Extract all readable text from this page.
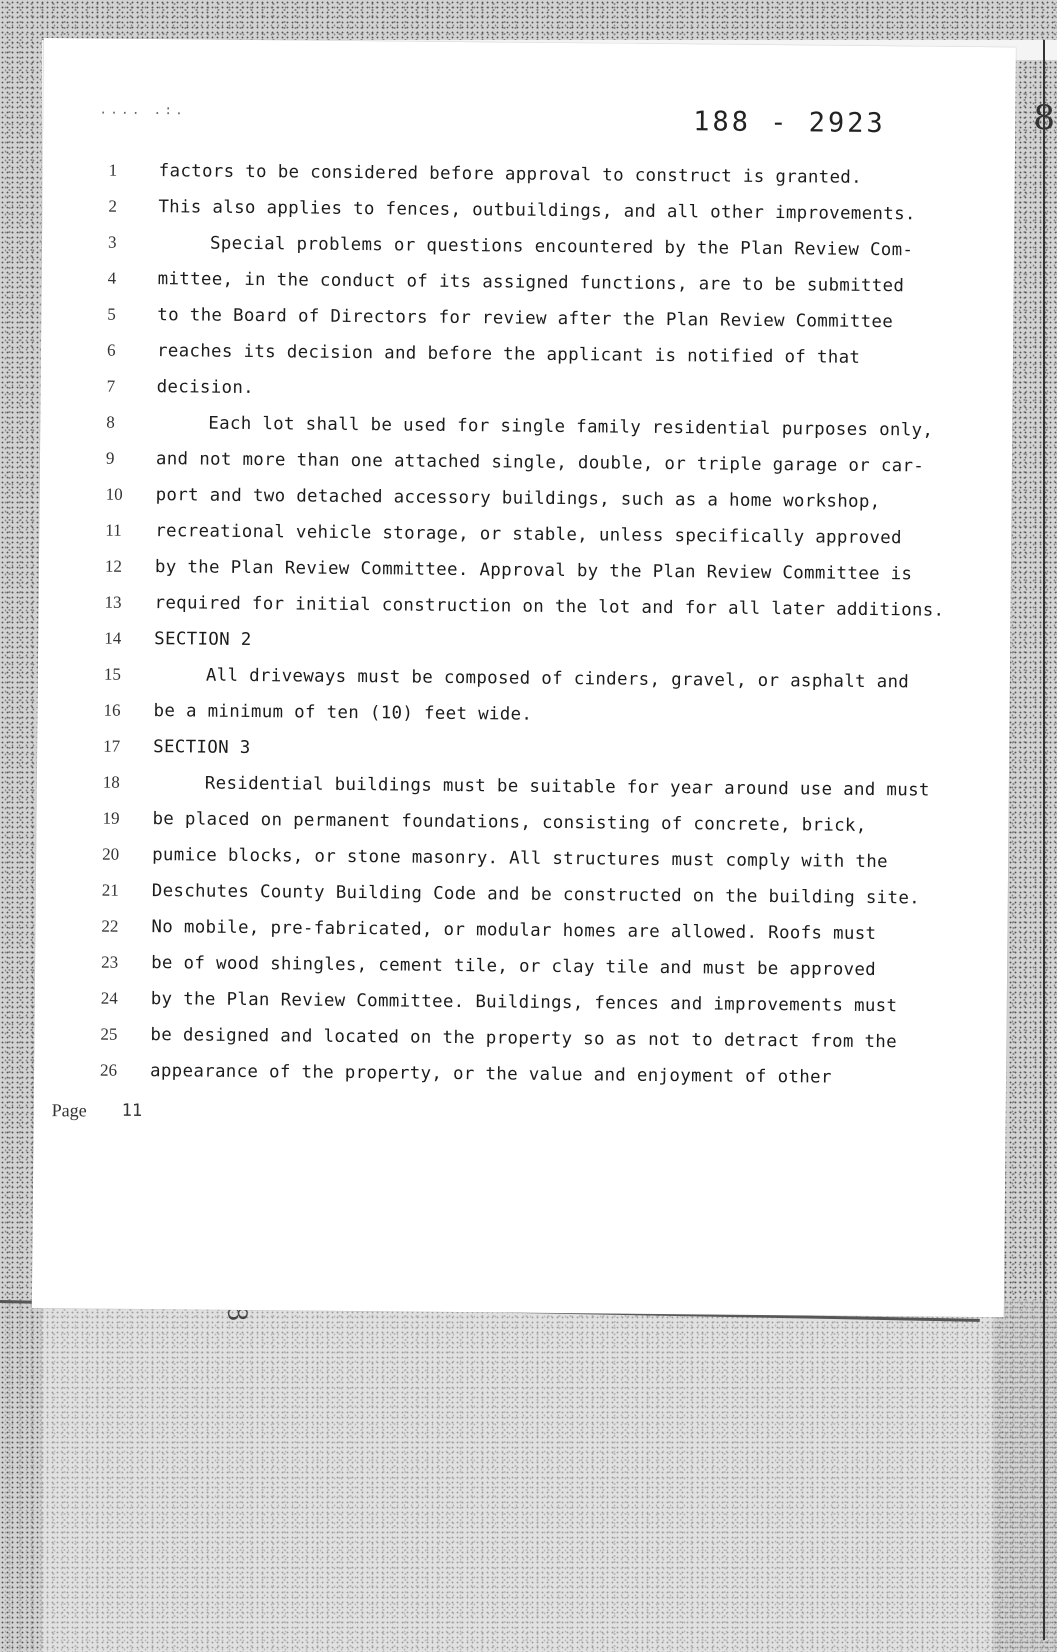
8
.... .:.	188 - 2923
1	factors to be considered before approval to construct is granted.
2	This also applies to fences, outbuildings, and all other improvements.
3	Special problems or questions encountered by the Plan Review Com-
4	mittee, in the conduct of its assigned functions, are to be submitted
5	to the Board of Directors for review after the Plan Review Committee
6	reaches its decision and before the applicant is notified of that
7	decision.
8	Each lot shall be used for single family residential purposes only,
9	and not more than one attached single, double, or triple garage or car-
10	port and two detached accessory buildings, such as a home workshop,
11	recreational vehicle storage, or stable, unless specifically approved
12	by the Plan Review Committee. Approval by the Plan Review Committee is
13	required for initial construction on the lot and for all later additions.
14	SECTION 2
15	All driveways must be composed of cinders, gravel, or asphalt and
16	be a minimum of ten (10) feet wide.
17	SECTION 3
18	Residential buildings must be suitable for year around use and must
19	be placed on permanent foundations, consisting of concrete, brick,
20	pumice blocks, or stone masonry. All structures must comply with the
21	Deschutes County Building Code and be constructed on the building site.
22	No mobile, pre-fabricated, or modular homes are allowed. Roofs must
23	be of wood shingles, cement tile, or clay tile and must be approved
24	by the Plan Review Committee. Buildings, fences and improvements must
25	be designed and located on the property so as not to detract from the
26	appearance of the property, or the value and enjoyment of other
Page 11
